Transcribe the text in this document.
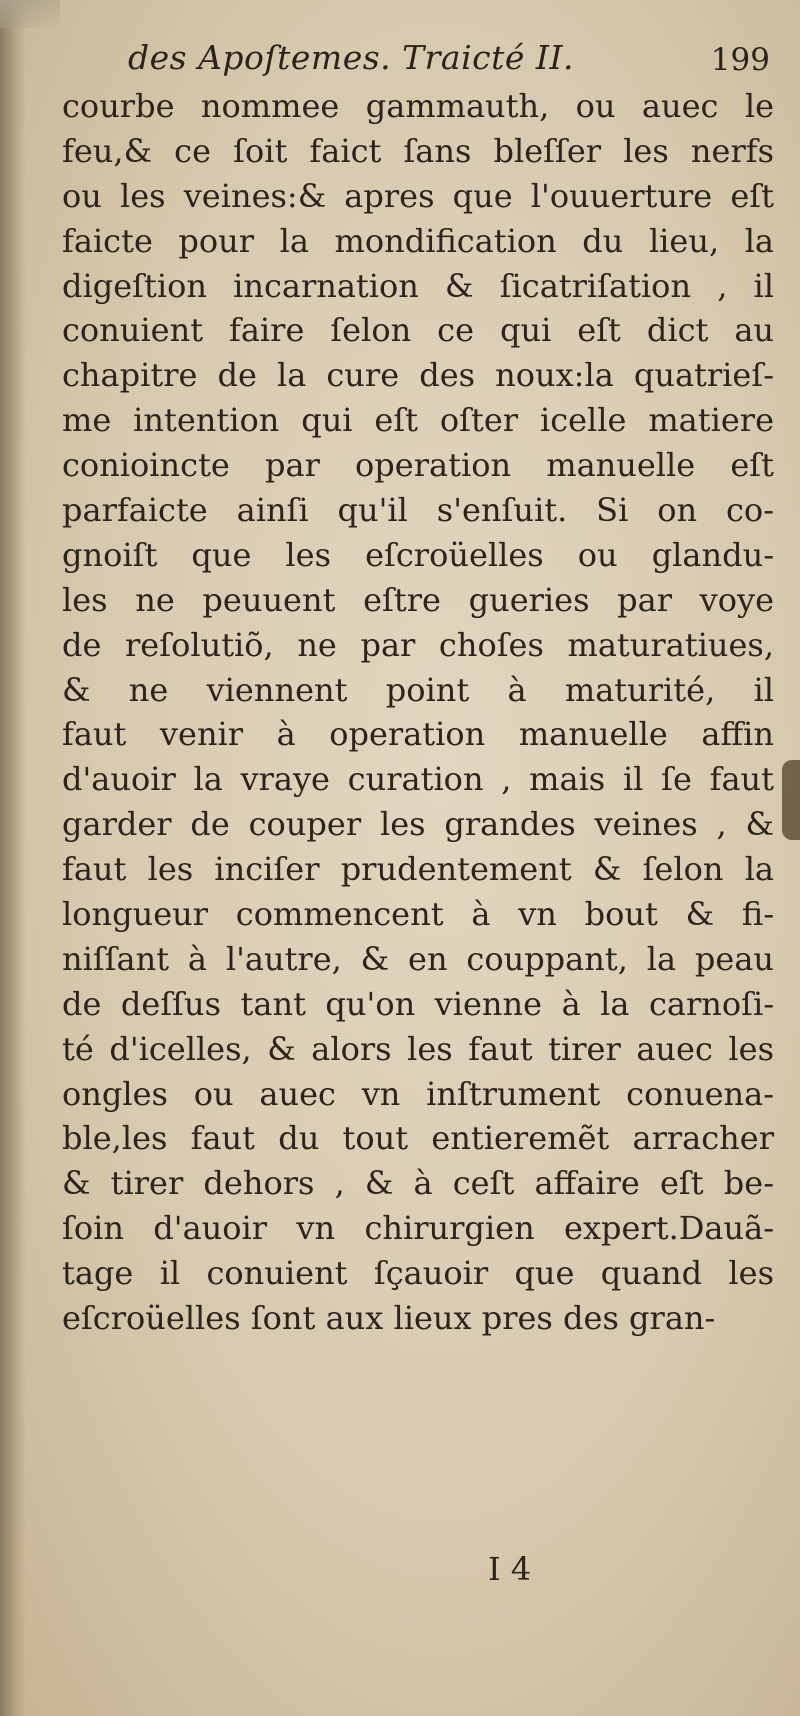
des Apoſtemes. Traicté II.	199
courbe nommee gammauth, ou auec le
feu,& ce ſoit faict ſans bleſſer les nerfs
ou les veines:& apres que l'ouuerture eſt
faicte pour la mondification du lieu, la
digeſtion incarnation & ſicatriſation , il
conuient faire ſelon ce qui eſt dict au
chapitre de la cure des noux:la quatrieſ-
me intention qui eſt oſter icelle matiere
conioincte par operation manuelle eſt
parfaicte ainſi qu'il s'enſuit. Si on co-
gnoiſt que les eſcroüelles ou glandu-
les ne peuuent eſtre gueries par voye
de reſolutiõ, ne par choſes maturatiues,
& ne viennent point à maturité, il
faut venir à operation manuelle affin
d'auoir la vraye curation , mais il ſe faut
garder de couper les grandes veines , &
faut les inciſer prudentement & ſelon la
longueur commencent à vn bout & fi-
niſſant à l'autre, & en couppant, la peau
de deſſus tant qu'on vienne à la carnoſi-
té d'icelles, & alors les faut tirer auec les
ongles ou auec vn inſtrument conuena-
ble,les faut du tout entieremẽt arracher
& tirer dehors , & à ceſt affaire eſt be-
ſoin d'auoir vn chirurgien expert.Dauã-
tage il conuient ſçauoir que quand les
eſcroüelles ſont aux lieux pres des gran-
I 4
